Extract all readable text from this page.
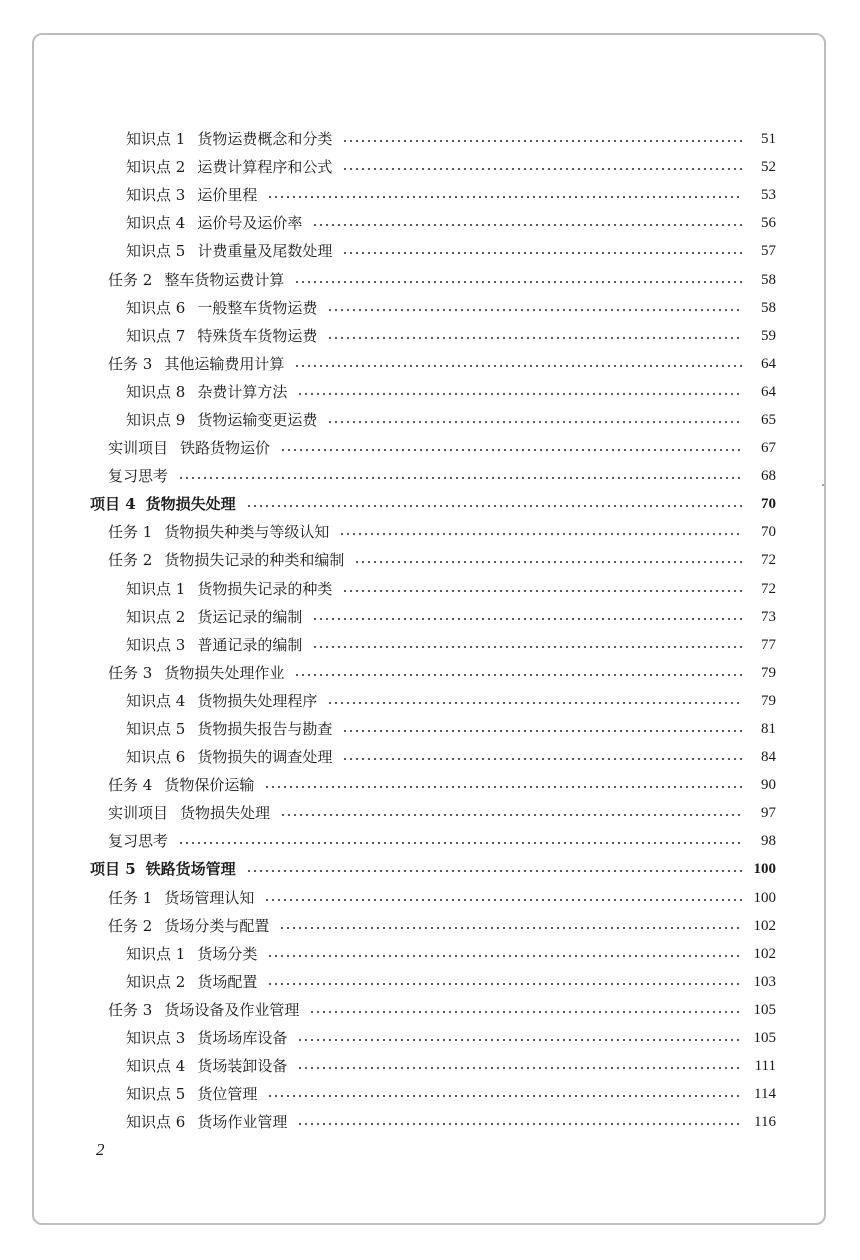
知识点 1 货物运费概念和分类	51
知识点 2 运费计算程序和公式	52
知识点 3 运价里程	53
知识点 4 运价号及运价率	56
知识点 5 计费重量及尾数处理	57
任务 2 整车货物运费计算	58
知识点 6 一般整车货物运费	58
知识点 7 特殊货车货物运费	59
任务 3 其他运输费用计算	64
知识点 8 杂费计算方法	64
知识点 9 货物运输变更运费	65
实训项目 铁路货物运价	67
复习思考	68
项目 4 货物损失处理	70
任务 1 货物损失种类与等级认知	70
任务 2 货物损失记录的种类和编制	72
知识点 1 货物损失记录的种类	72
知识点 2 货运记录的编制	73
知识点 3 普通记录的编制	77
任务 3 货物损失处理作业	79
知识点 4 货物损失处理程序	79
知识点 5 货物损失报告与勘查	81
知识点 6 货物损失的调查处理	84
任务 4 货物保价运输	90
实训项目 货物损失处理	97
复习思考	98
项目 5 铁路货场管理	100
任务 1 货场管理认知	100
任务 2 货场分类与配置	102
知识点 1 货场分类	102
知识点 2 货场配置	103
任务 3 货场设备及作业管理	105
知识点 3 货场场库设备	105
知识点 4 货场装卸设备	111
知识点 5 货位管理	114
知识点 6 货场作业管理	116
2
